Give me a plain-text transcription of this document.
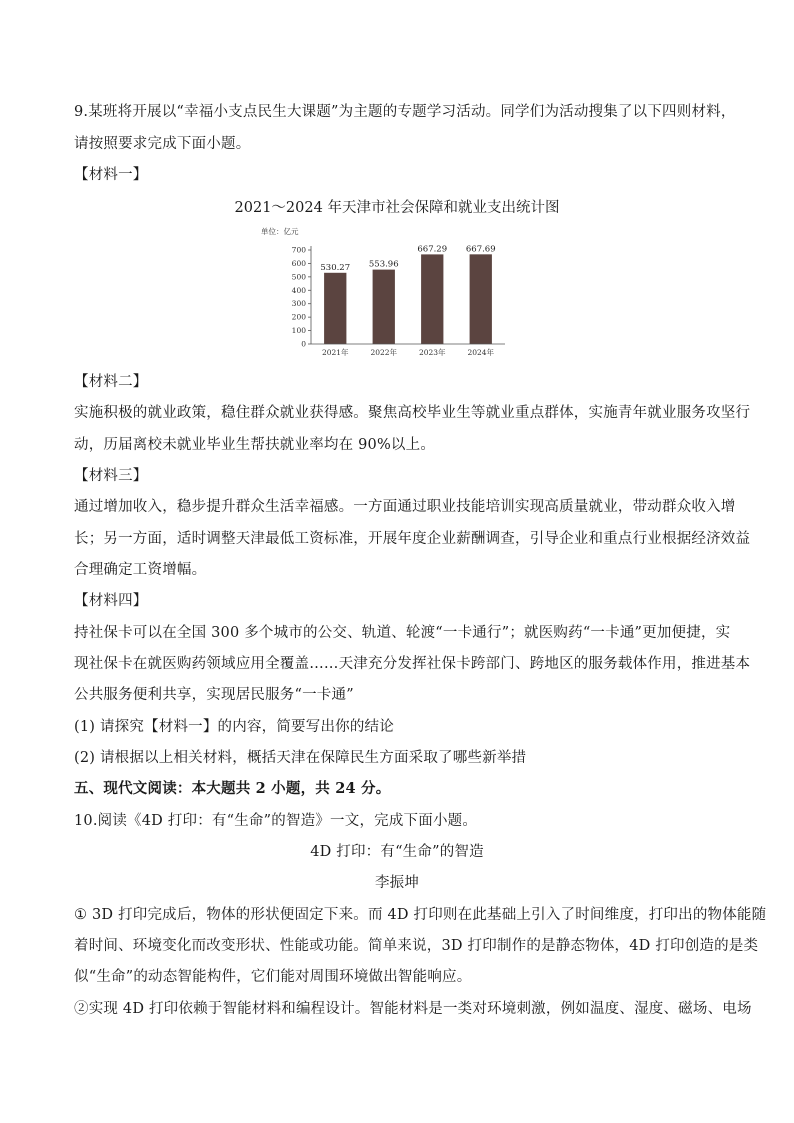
9.某班将开展以“幸福小支点民生大课题”为主题的专题学习活动。同学们为活动搜集了以下四则材料，
请按照要求完成下面小题。
【材料一】
2021～2024 年天津市社会保障和就业支出统计图
单位：亿元
0
100
200
300
400
500
600
700
530.27 553.96
667.29 667.69
2021年	2022年	2023年	2024年
【材料二】
实施积极的就业政策，稳住群众就业获得感。聚焦高校毕业生等就业重点群体，实施青年就业服务攻坚行
动，历届离校未就业毕业生帮扶就业率均在 90%以上。
【材料三】
通过增加收入，稳步提升群众生活幸福感。一方面通过职业技能培训实现高质量就业，带动群众收入增
长；另一方面，适时调整天津最低工资标准，开展年度企业薪酬调查，引导企业和重点行业根据经济效益
合理确定工资增幅。
【材料四】
持社保卡可以在全国 300 多个城市的公交、轨道、轮渡“一卡通行”；就医购药“一卡通”更加便捷，实
现社保卡在就医购药领域应用全覆盖……天津充分发挥社保卡跨部门、跨地区的服务载体作用，推进基本
公共服务便利共享，实现居民服务“一卡通”
(1) 请探究【材料一】的内容，简要写出你的结论
(2) 请根据以上相关材料，概括天津在保障民生方面采取了哪些新举措
五、现代文阅读：本大题共 2 小题，共 24 分。
10.阅读《4D 打印：有“生命”的智造》一文，完成下面小题。
4D 打印：有“生命”的智造
李振坤
① 3D 打印完成后，物体的形状便固定下来。而 4D 打印则在此基础上引入了时间维度，打印出的物体能随
着时间、环境变化而改变形状、性能或功能。简单来说，3D 打印制作的是静态物体，4D 打印创造的是类
似“生命”的动态智能构件，它们能对周围环境做出智能响应。
②实现 4D 打印依赖于智能材料和编程设计。智能材料是一类对环境刺激，例如温度、湿度、磁场、电场
